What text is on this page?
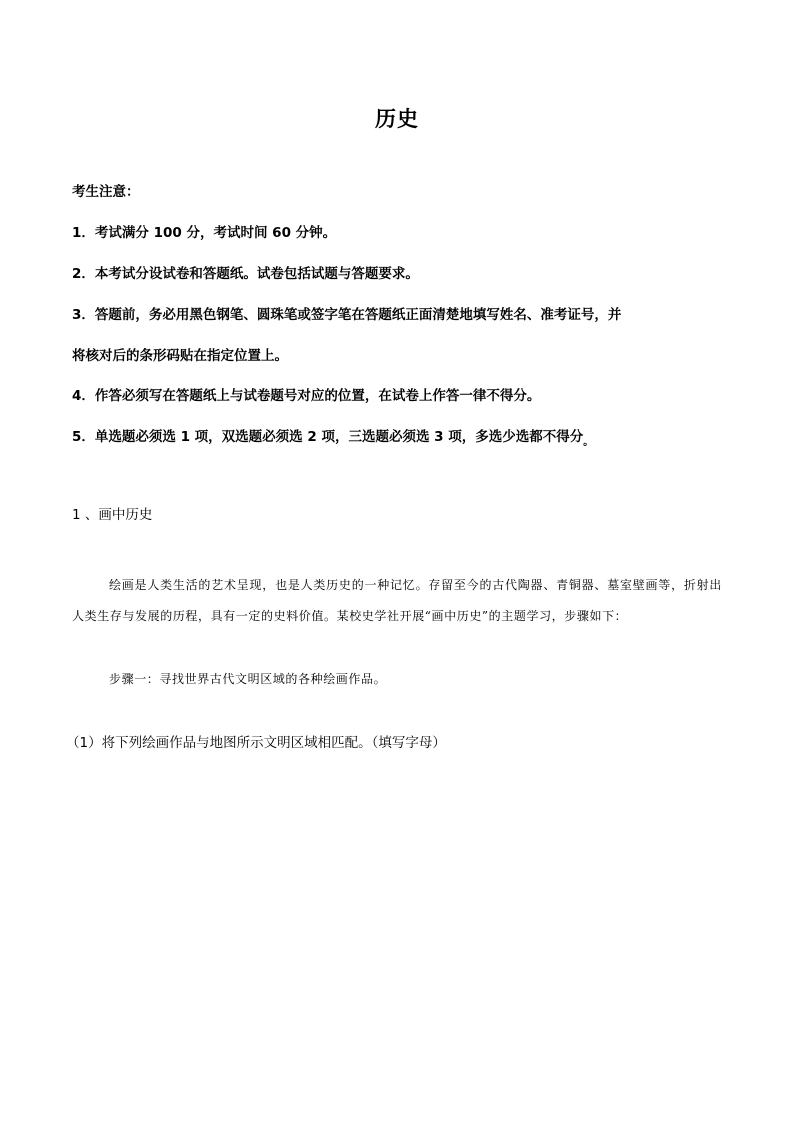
历史
考生注意：
1．考试满分 100 分，考试时间 60 分钟。
2．本考试分设试卷和答题纸。试卷包括试题与答题要求。
3．答题前，务必用黑色钢笔、圆珠笔或签字笔在答题纸正面清楚地填写姓名、准考证号，并
将核对后的条形码贴在指定位置上。
4．作答必须写在答题纸上与试卷题号对应的位置，在试卷上作答一律不得分。
5．单选题必须选 1 项，双选题必须选 2 项，三选题必须选 3 项，多选少选都不得分$_。$
1 、画中历史
绘画是人类生活的艺术呈现，也是人类历史的一种记忆。存留至今的古代陶器、青铜器、墓室壁画等，折射出人类生存与发展的历程，具有一定的史料价值。某校史学社开展“画中历史”的主题学习，步骤如下：
步骤一：寻找世界古代文明区域的各种绘画作品。
（1）将下列绘画作品与地图所示文明区域相匹配。（填写字母）
